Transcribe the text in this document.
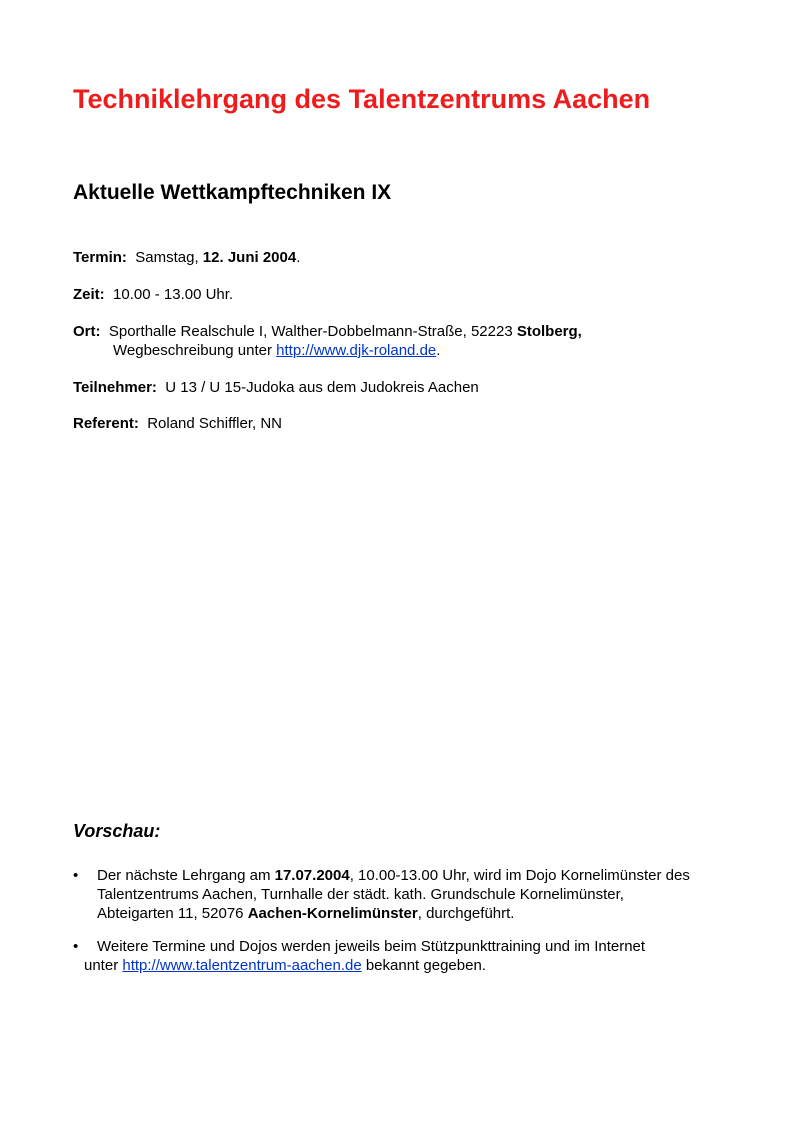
Techniklehrgang des Talentzentrums Aachen
Aktuelle Wettkampftechniken IX
Termin: Samstag, 12. Juni 2004.
Zeit: 10.00 - 13.00 Uhr.
Ort: Sporthalle Realschule I, Walther-Dobbelmann-Straße, 52223 Stolberg,
Wegbeschreibung unter http://www.djk-roland.de.
Teilnehmer: U 13 / U 15-Judoka aus dem Judokreis Aachen
Referent: Roland Schiffler, NN
Vorschau:
• Der nächste Lehrgang am 17.07.2004, 10.00-13.00 Uhr, wird im Dojo Kornelimünster des
Talentzentrums Aachen, Turnhalle der städt. kath. Grundschule Kornelimünster,
Abteigarten 11, 52076 Aachen-Kornelimünster, durchgeführt.
• Weitere Termine und Dojos werden jeweils beim Stützpunkttraining und im Internet
unter http://www.talentzentrum-aachen.de bekannt gegeben.
